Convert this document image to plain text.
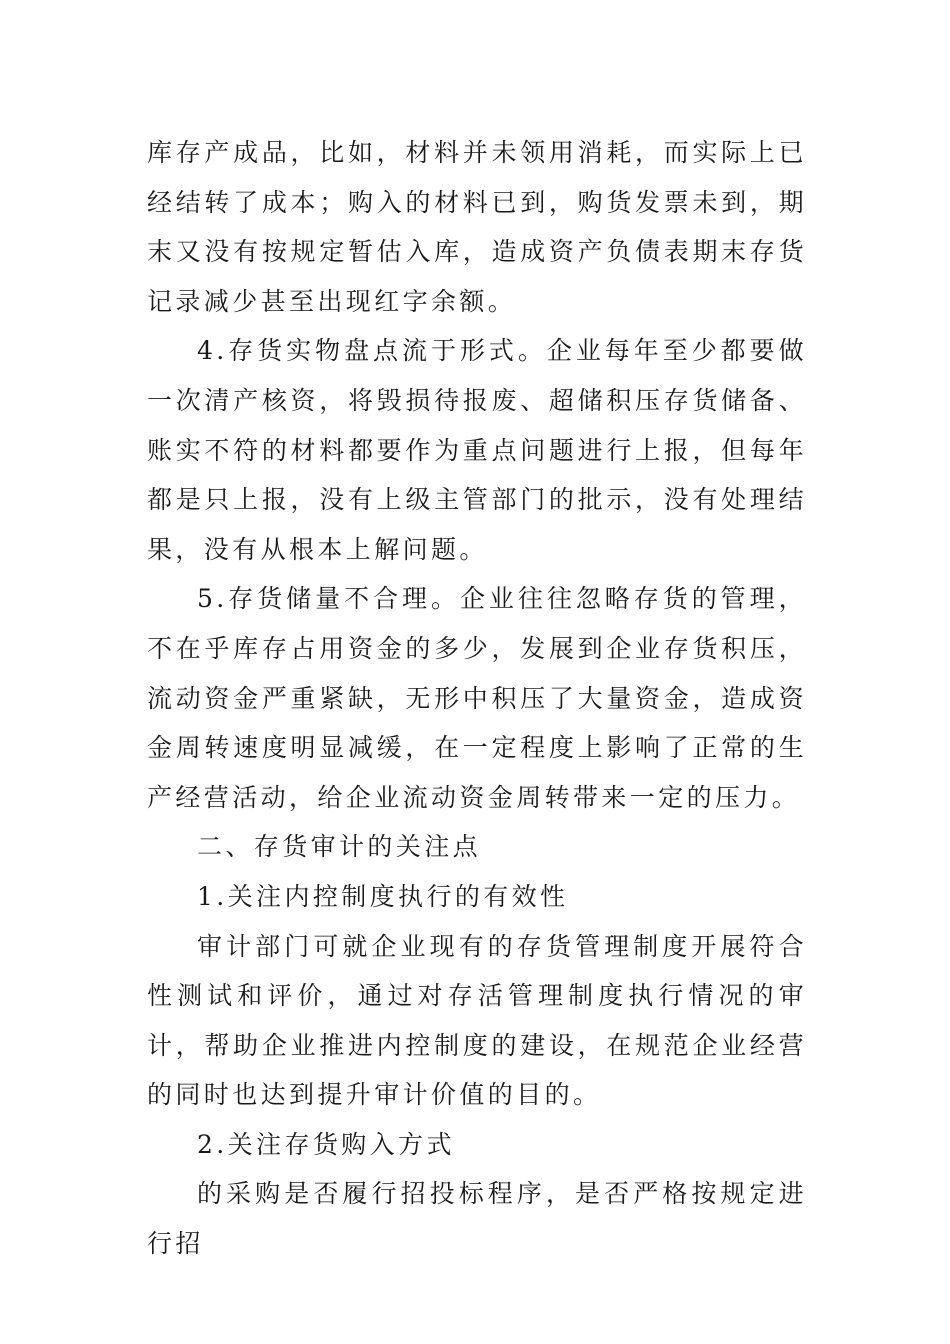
库存产成品，比如，材料并未领用消耗，而实际上已经结转了成本；购入的材料已到，购货发票未到，期末又没有按规定暂估入库，造成资产负债表期末存货记录减少甚至出现红字余额。

4.存货实物盘点流于形式。企业每年至少都要做一次清产核资，将毁损待报废、超储积压存货储备、账实不符的材料都要作为重点问题进行上报，但每年都是只上报，没有上级主管部门的批示，没有处理结果，没有从根本上解问题。

5.存货储量不合理。企业往往忽略存货的管理，不在乎库存占用资金的多少，发展到企业存货积压，流动资金严重紧缺，无形中积压了大量资金，造成资金周转速度明显减缓，在一定程度上影响了正常的生产经营活动，给企业流动资金周转带来一定的压力。

二、存货审计的关注点

1.关注内控制度执行的有效性

审计部门可就企业现有的存货管理制度开展符合性测试和评价，通过对存活管理制度执行情况的审计，帮助企业推进内控制度的建设，在规范企业经营的同时也达到提升审计价值的目的。

2.关注存货购入方式

的采购是否履行招投标程序，是否严格按规定进行招
